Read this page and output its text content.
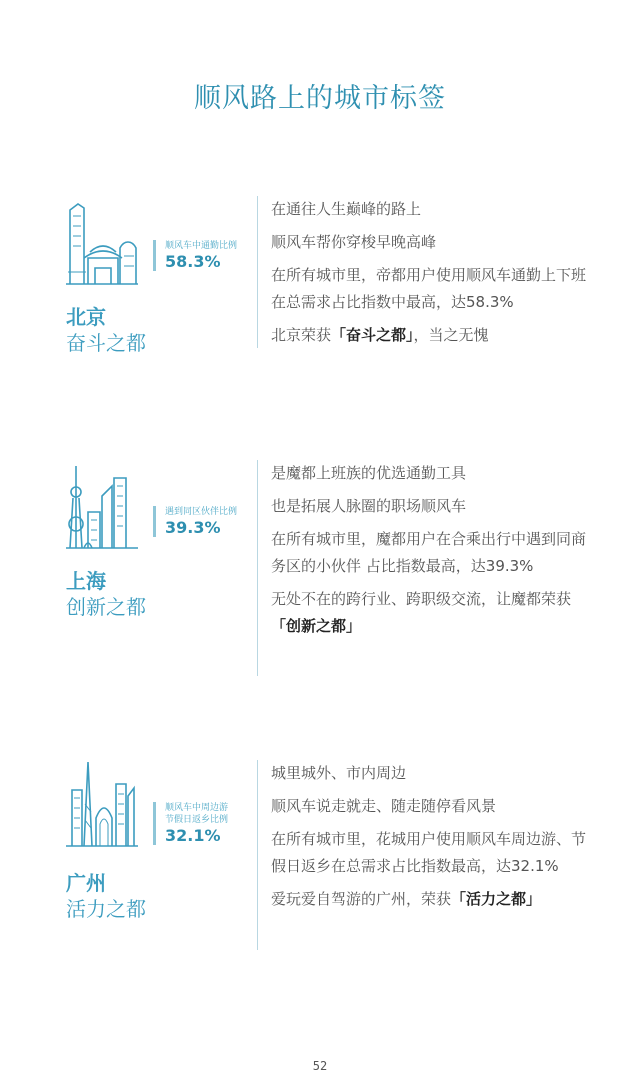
顺风路上的城市标签
顺风车中通勤比例
58.3%
北京
奋斗之都

在通往人生巅峰的路上

顺风车帮你穿梭早晚高峰

在所有城市里，帝都用户使用顺风车通勤上下班在总需求占比指数中最高，达58.3%

北京荣获「奋斗之都」，当之无愧

遇到同区伙伴比例
39.3%
上海
创新之都

是魔都上班族的优选通勤工具

也是拓展人脉圈的职场顺风车

在所有城市里，魔都用户在合乘出行中遇到同商务区的小伙伴 占比指数最高，达39.3%

无处不在的跨行业、跨职级交流，让魔都荣获「创新之都」

顺风车中周边游
节假日返乡比例
32.1%
广州
活力之都

城里城外、市内周边

顺风车说走就走、随走随停看风景

在所有城市里，花城用户使用顺风车周边游、节假日返乡在总需求占比指数最高，达32.1%

爱玩爱自驾游的广州，荣获「活力之都」

52
